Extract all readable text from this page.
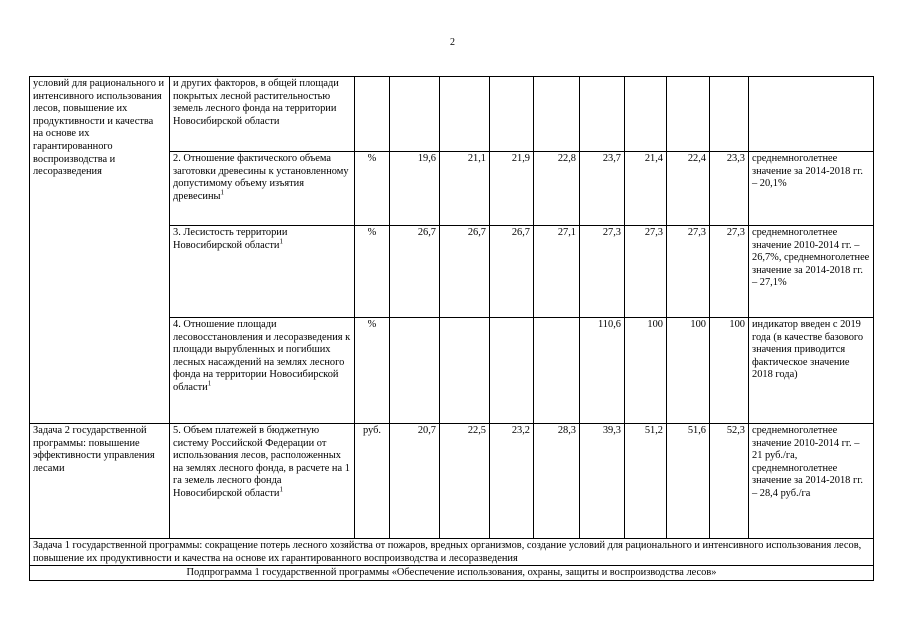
2
условий для рационального и интенсивного использования лесов, повышение их продуктивности и качества на основе их гарантированного воспроизводства и лесоразведения	и других факторов, в общей площади покрытых лесной растительностью земель лесного фонда на территории Новосибирской области										
	2. Отношение фактического объема заготовки древесины к установленному допустимому объему изъятия древесины$^1$	%	19,6	21,1	21,9	22,8	23,7	21,4	22,4	23,3	среднемноголетнее значение за 2014-2018 гг. – 20,1%
	3. Лесистость территории Новосибирской области$^1$	%	26,7	26,7	26,7	27,1	27,3	27,3	27,3	27,3	среднемноголетнее значение 2010-2014 гг. – 26,7%, среднемноголетнее значение за 2014-2018 гг. – 27,1%
	4. Отношение площади лесовосстановления и лесоразведения к площади вырубленных и погибших лесных насаждений на землях лесного фонда на территории Новосибирской области$^1$	%					110,6	100	100	100	индикатор введен с 2019 года (в качестве базового значения приводится фактическое значение 2018 года)
Задача 2 государственной программы: повышение эффективности управления лесами	5. Объем платежей в бюджетную систему Российской Федерации от использования лесов, расположенных на землях лесного фонда, в расчете на 1 га земель лесного фонда Новосибирской области$^1$	руб.	20,7	22,5	23,2	28,3	39,3	51,2	51,6	52,3	среднемноголетнее значение 2010-2014 гг. – 21 руб./га, среднемноголетнее значение за 2014-2018 гг. – 28,4 руб./га
Задача 1 государственной программы: сокращение потерь лесного хозяйства от пожаров, вредных организмов, создание условий для рационального и интенсивного использования лесов, повышение их продуктивности и качества на основе их гарантированного воспроизводства и лесоразведения											
Подпрограмма 1 государственной программы «Обеспечение использования, охраны, защиты и воспроизводства лесов»											
